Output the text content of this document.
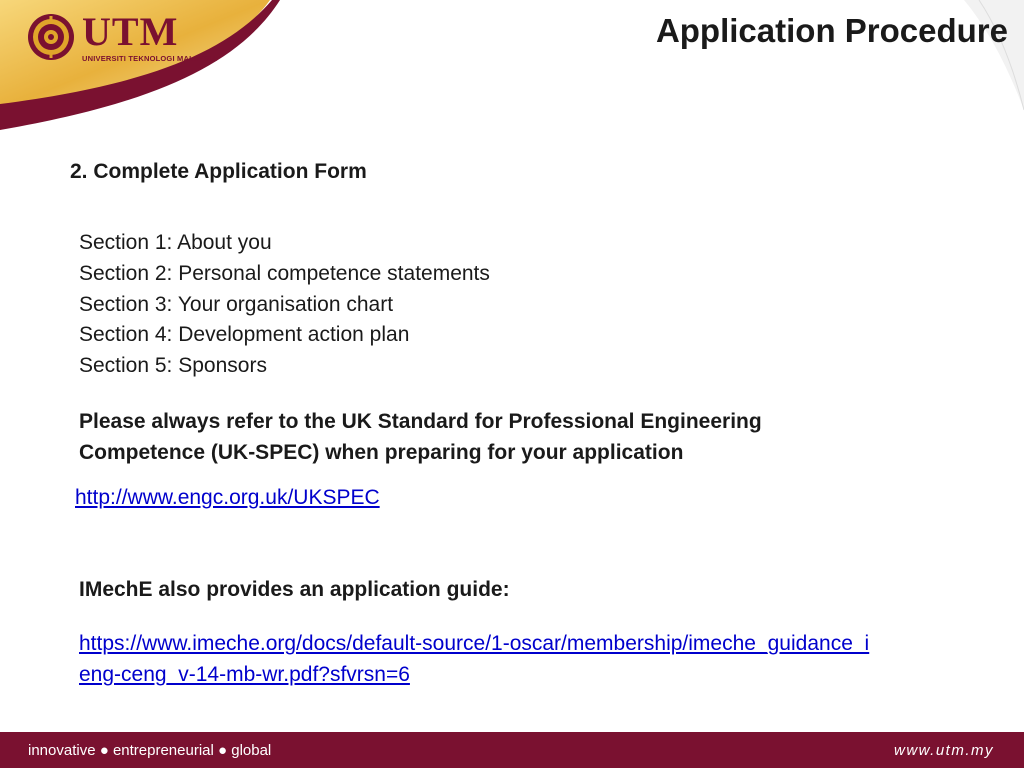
UTM
UNIVERSITI TEKNOLOGI MALAYSIA
Application Procedure
2. Complete Application Form
Section 1: About you
Section 2: Personal competence statements
Section 3: Your organisation chart
Section 4: Development action plan
Section 5: Sponsors

Please always refer to the UK Standard for Professional Engineering Competence (UK-SPEC) when preparing for your application

http://www.engc.org.uk/UKSPEC

IMechE also provides an application guide:

https://www.imeche.org/docs/default-source/1-oscar/membership/imeche_guidance_ieng-ceng_v-14-mb-wr.pdf?sfvrsn=6
innovative ● entrepreneurial ● global	www.utm.my
